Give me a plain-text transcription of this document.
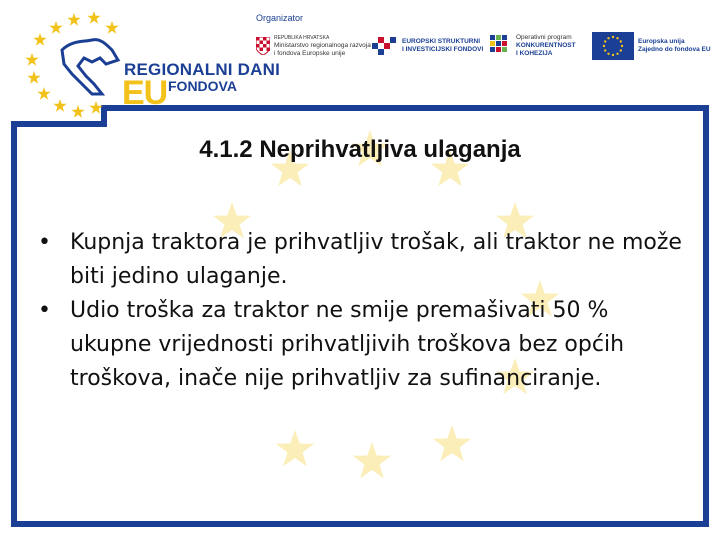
REGIONALNI DANI
EU FONDOVA
Organizator
REPUBLIKA HRVATSKA
Ministarstvo regionalnoga razvoja
i fondova Europske unije
EUROPSKI STRUKTURNI
I INVESTICIJSKI FONDOVI
Operativni program
KONKURENTNOST
I KOHEZIJA
Europska unija
Zajedno do fondova EU
4.1.2 Neprihvatljiva ulaganja
• Kupnja traktora je prihvatljiv trošak, ali traktor ne može biti jedino ulaganje.
• Udio troška za traktor ne smije premašivati 50 % ukupne vrijednosti prihvatljivih troškova bez općih troškova, inače nije prihvatljiv za sufinanciranje.
